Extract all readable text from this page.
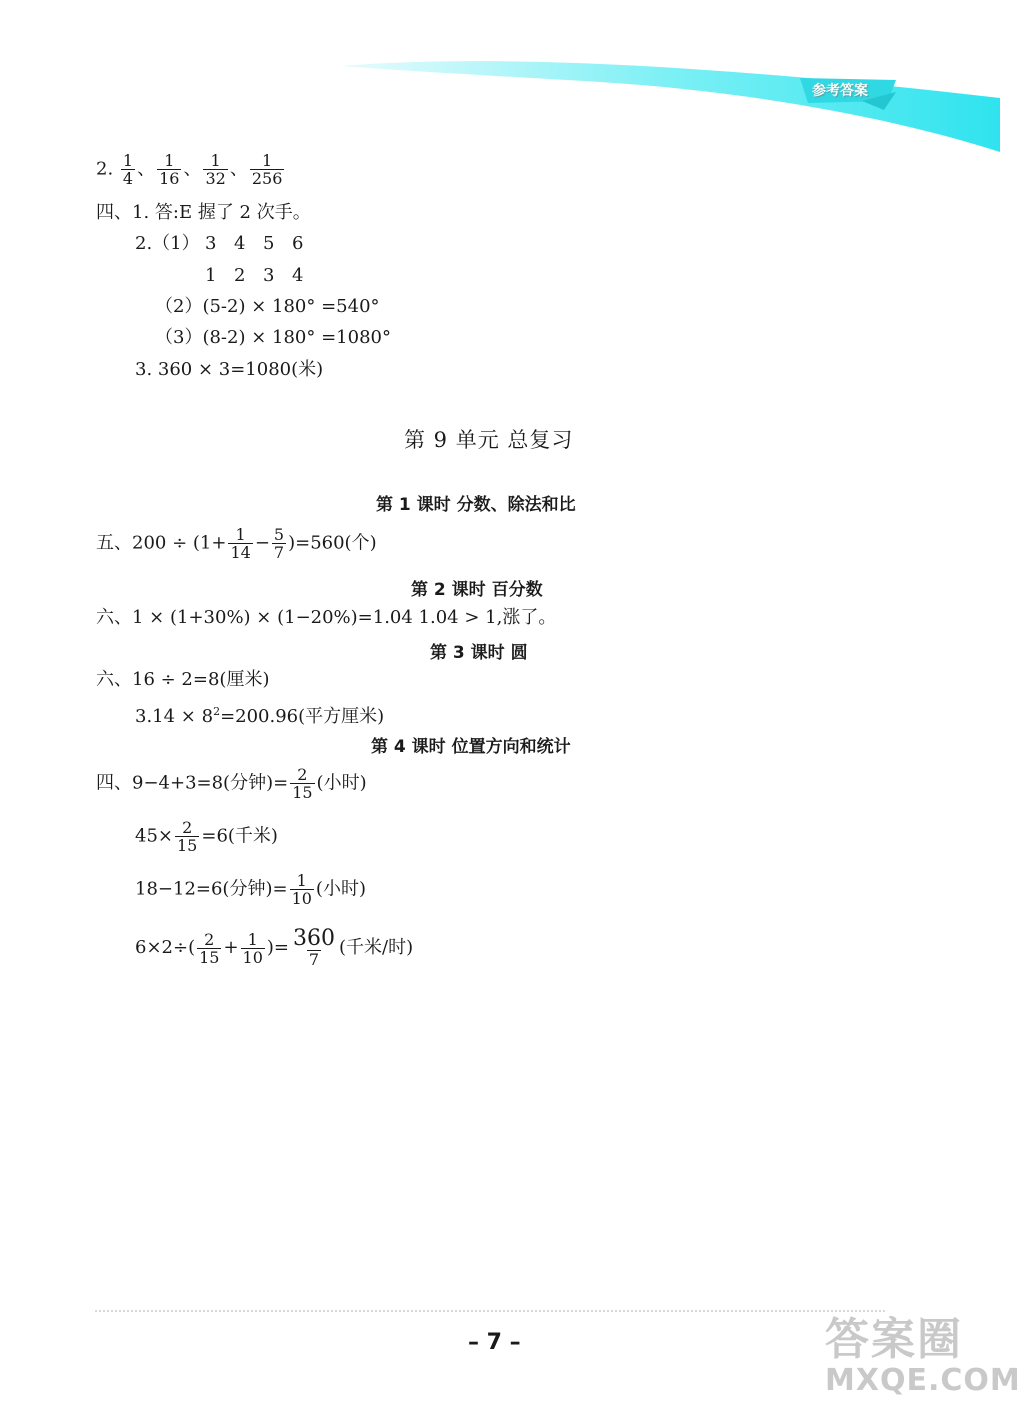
参考答案
2. $\frac{1}{4}$ 、 $\frac{1}{16}$ 、 $\frac{1}{32}$ 、 $\frac{1}{256}$
四、1. 答:E 握了 2 次手。
2.（1） 3 4 5 6
1 2 3 4
（2）(5-2) × 180° =540°
（3）(8-2) × 180° =1080°
3. 360 × 3=1080(米)
第 9 单元 总复习
第 1 课时 分数、除法和比
五、$200 \div (1+ \frac{1}{14} - \frac{5}{7} )=560$(个)
第 2 课时 百分数
六、1 × (1+30%) × (1−20%)=1.04 1.04 > 1,涨了。
第 3 课时 圆
六、16 ÷ 2=8(厘米)
$3.14 \times 8^2=200.96$(平方厘米)
第 4 课时 位置方向和统计
四、9−4+3=8(分钟)= $\frac{2}{15}$ (小时)
$45\times \frac{2}{15} =6$(千米)
18−12=6(分钟)= $\frac{1}{10}$ (小时)
$6\times 2\div( \frac{2}{15} + \frac{1}{10}$ )= $\frac{360}{7}$ (千米/时)
– 7 –	答案圈
MXQE.COM
